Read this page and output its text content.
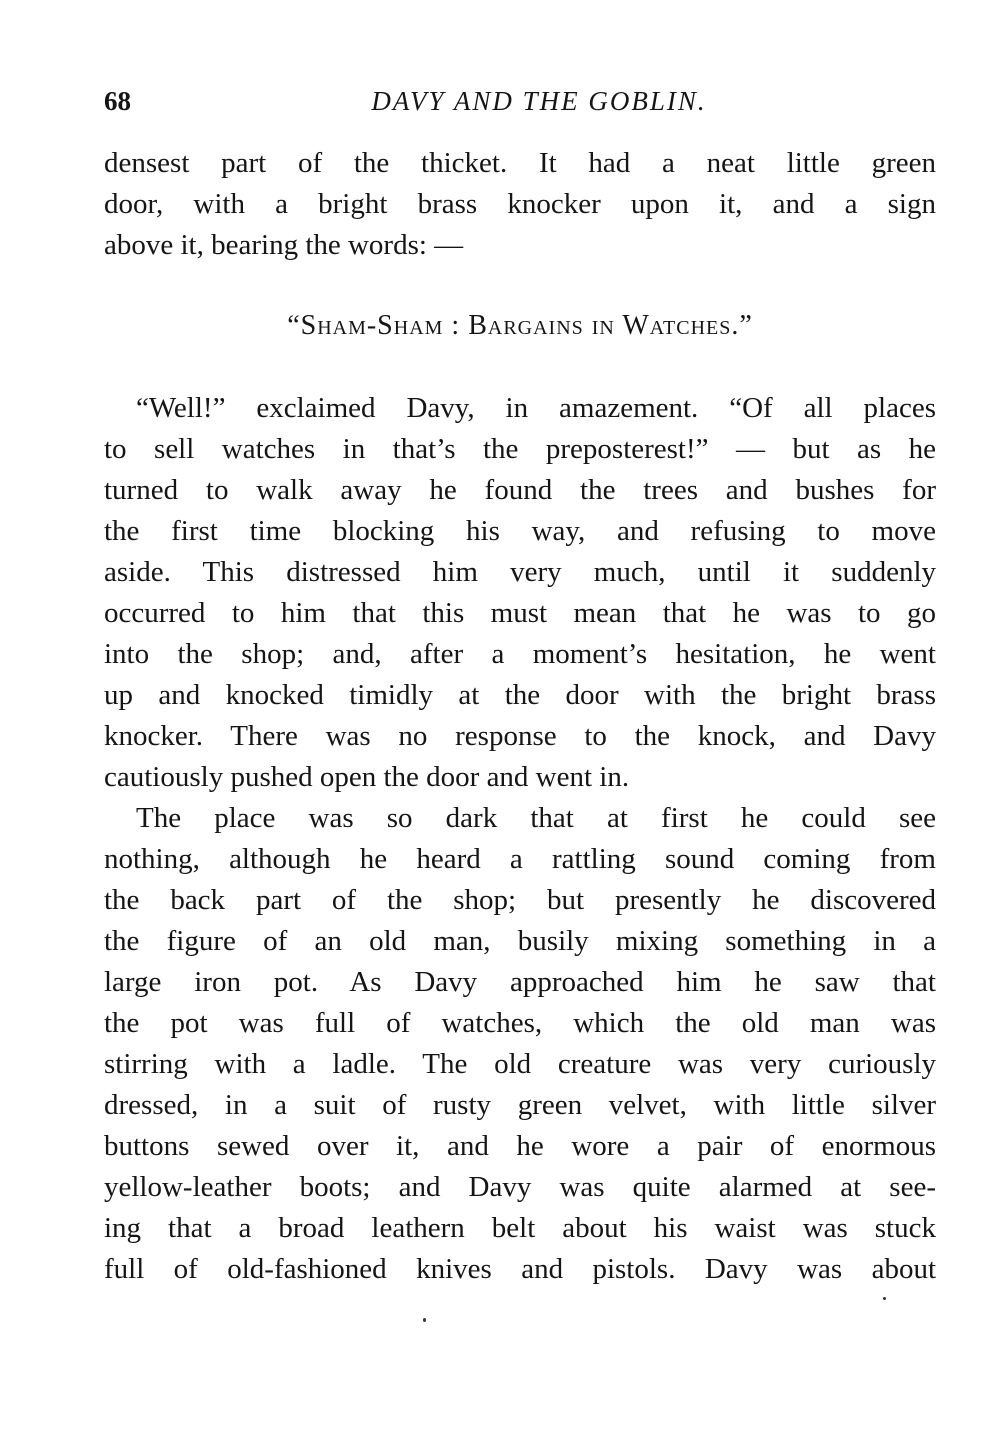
68	DAVY AND THE GOBLIN.
densest part of the thicket. It had a neat little green
door, with a bright brass knocker upon it, and a sign
above it, bearing the words: —
“Sham-Sham : Bargains in Watches.”
“Well!” exclaimed Davy, in amazement. “Of all places
to sell watches in that’s the preposterest!” — but as he
turned to walk away he found the trees and bushes for
the first time blocking his way, and refusing to move
aside. This distressed him very much, until it suddenly
occurred to him that this must mean that he was to go
into the shop; and, after a moment’s hesitation, he went
up and knocked timidly at the door with the bright brass
knocker. There was no response to the knock, and Davy
cautiously pushed open the door and went in.
The place was so dark that at first he could see
nothing, although he heard a rattling sound coming from
the back part of the shop; but presently he discovered
the figure of an old man, busily mixing something in a
large iron pot. As Davy approached him he saw that
the pot was full of watches, which the old man was
stirring with a ladle. The old creature was very curiously
dressed, in a suit of rusty green velvet, with little silver
buttons sewed over it, and he wore a pair of enormous
yellow-leather boots; and Davy was quite alarmed at see-
ing that a broad leathern belt about his waist was stuck
full of old-fashioned knives and pistols. Davy was about
